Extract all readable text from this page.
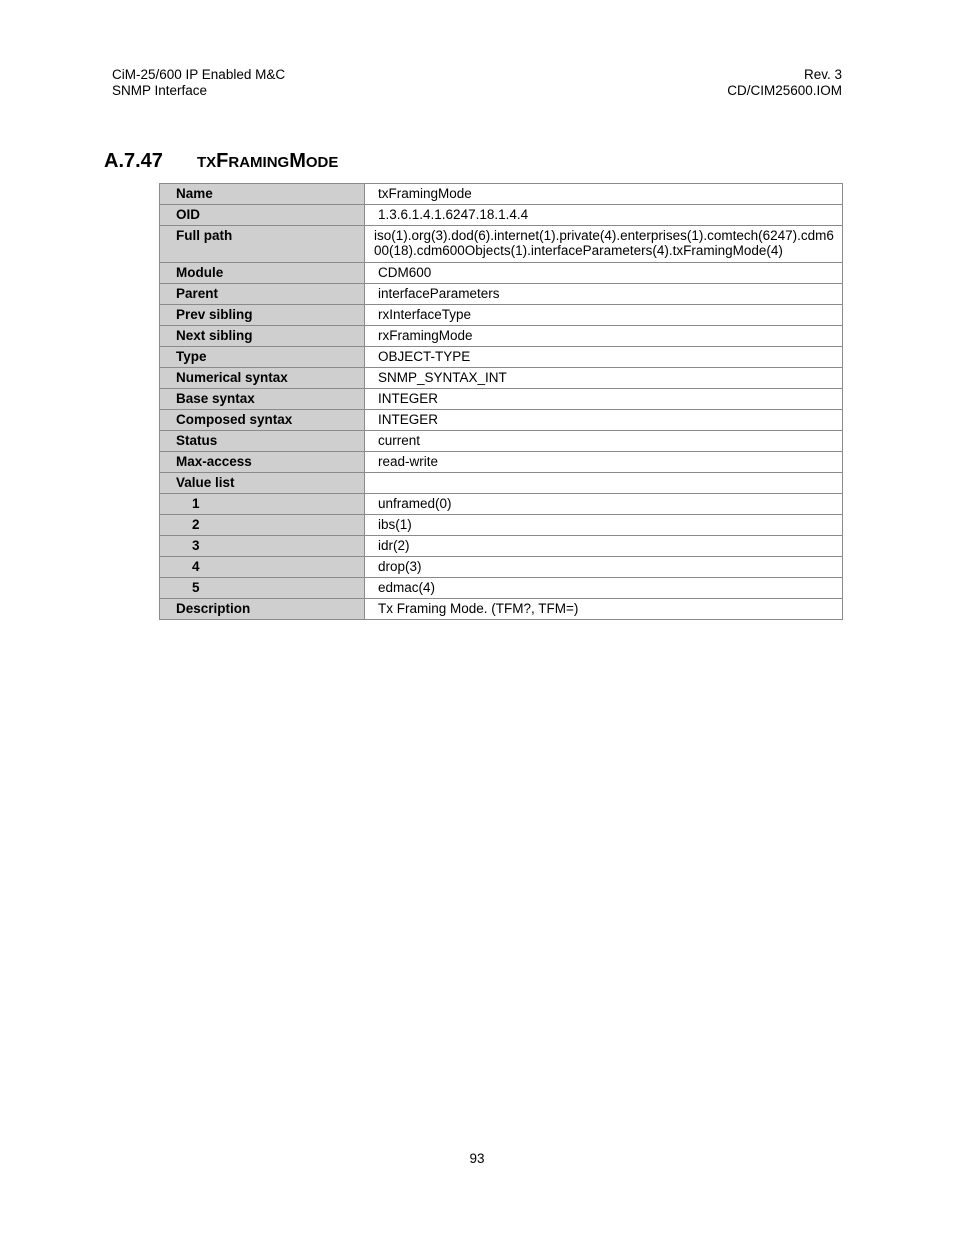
CiM-25/600 IP Enabled M&C
SNMP Interface
Rev. 3
CD/CIM25600.IOM
A.7.47 TXFRAMINGMODE
Name	txFramingMode
OID	1.3.6.1.4.1.6247.18.1.4.4
Full path	iso(1).org(3).dod(6).internet(1).private(4).enterprises(1).comtech(6247).cdm600(18).cdm600Objects(1).interfaceParameters(4).txFramingMode(4)
Module	CDM600
Parent	interfaceParameters
Prev sibling	rxInterfaceType
Next sibling	rxFramingMode
Type	OBJECT-TYPE
Numerical syntax	SNMP_SYNTAX_INT
Base syntax	INTEGER
Composed syntax	INTEGER
Status	current
Max-access	read-write
Value list	
1	unframed(0)
2	ibs(1)
3	idr(2)
4	drop(3)
5	edmac(4)
Description	Tx Framing Mode. (TFM?, TFM=)
93
